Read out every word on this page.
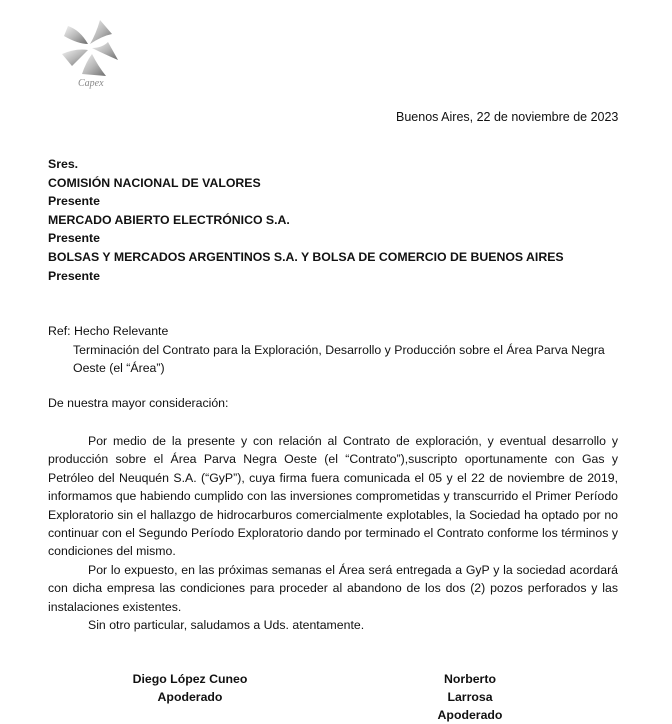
Capex
Buenos Aires, 22 de noviembre de 2023
Sres.
COMISIÓN NACIONAL DE VALORES
Presente
MERCADO ABIERTO ELECTRÓNICO S.A.
Presente
BOLSAS Y MERCADOS ARGENTINOS S.A. Y BOLSA DE COMERCIO DE BUENOS AIRES
Presente
Ref: Hecho Relevante
Terminación del Contrato para la Exploración, Desarrollo y Producción sobre el Área Parva Negra Oeste (el “Área”)
De nuestra mayor consideración:

Por medio de la presente y con relación al Contrato de exploración, y eventual desarrollo y producción sobre el Área Parva Negra Oeste (el “Contrato”),suscripto oportunamente con Gas y Petróleo del Neuquén S.A. (“GyP”), cuya firma fuera comunicada el 05 y el 22 de noviembre de 2019, informamos que habiendo cumplido con las inversiones comprometidas y transcurrido el Primer Período Exploratorio sin el hallazgo de hidrocarburos comercialmente explotables, la Sociedad ha optado por no continuar con el Segundo Período Exploratorio dando por terminado el Contrato conforme los términos y condiciones del mismo.

Por lo expuesto, en las próximas semanas el Área será entregada a GyP y la sociedad acordará con dicha empresa las condiciones para proceder al abandono de los dos (2) pozos perforados y las instalaciones existentes.

Sin otro particular, saludamos a Uds. atentamente.

Diego López Cuneo
Apoderado
Norberto Larrosa
Apoderado
